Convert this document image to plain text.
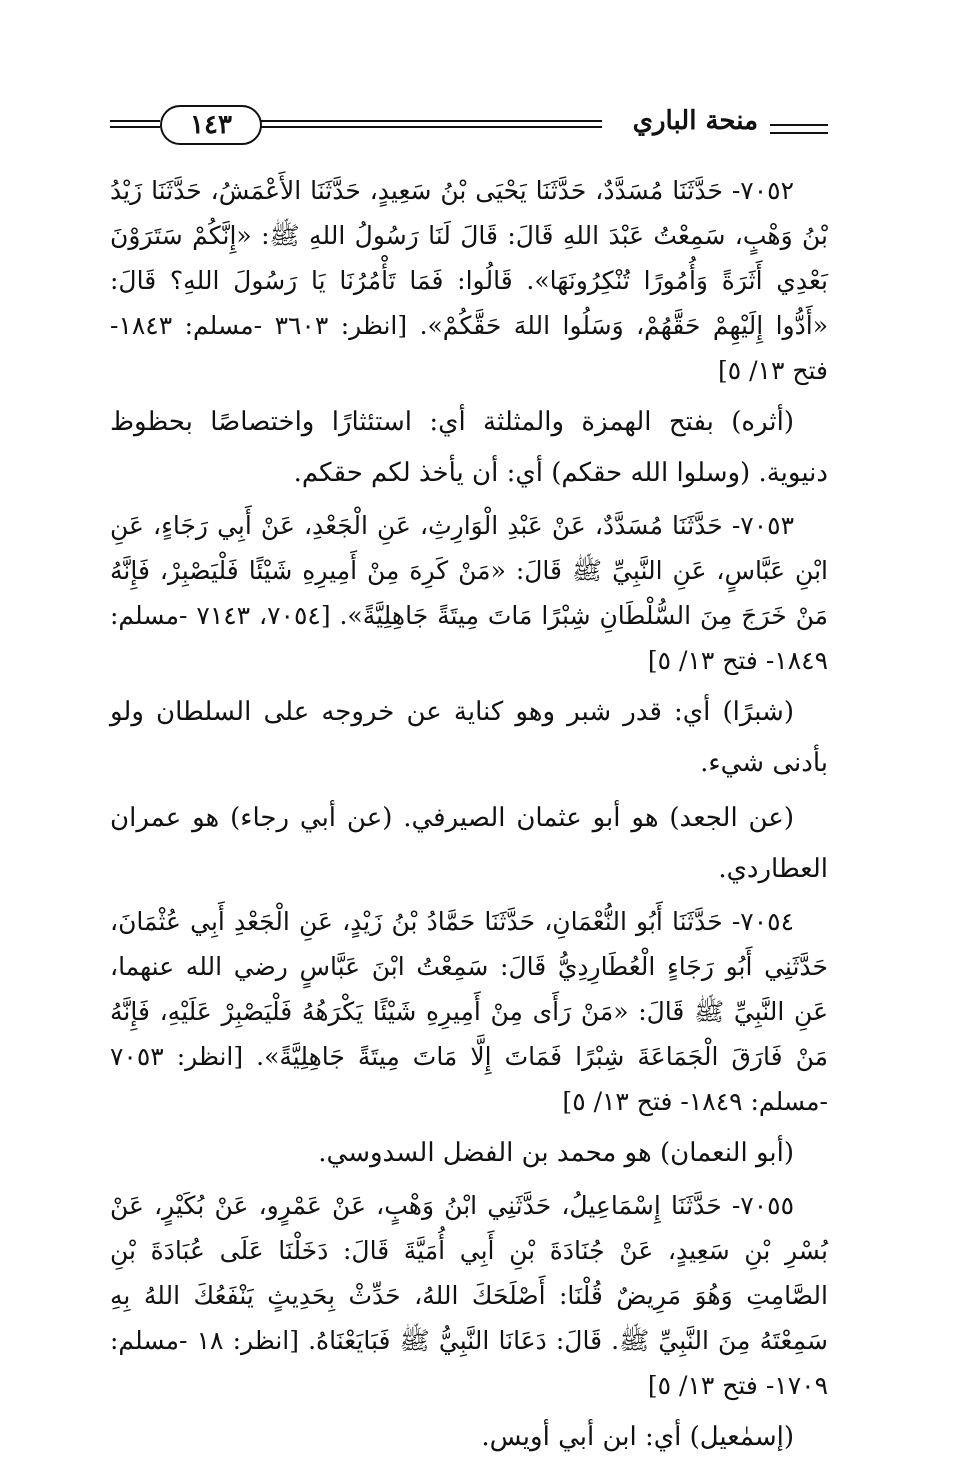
منحة الباري
١٤٣

٧٠٥٢- حَدَّثَنَا مُسَدَّدٌ، حَدَّثَنَا يَحْيَى بْنُ سَعِيدٍ، حَدَّثَنَا الأَعْمَشُ، حَدَّثَنَا زَيْدُ بْنُ وَهْبٍ، سَمِعْتُ عَبْدَ اللهِ قَالَ: قَالَ لَنَا رَسُولُ اللهِ ﷺ: «إِنَّكُمْ سَتَرَوْنَ بَعْدِي أَثَرَةً وَأُمُورًا تُنْكِرُونَهَا». قَالُوا: فَمَا تَأْمُرُنَا يَا رَسُولَ اللهِ؟ قَالَ: «أَدُّوا إِلَيْهِمْ حَقَّهُمْ، وَسَلُوا اللهَ حَقَّكُمْ». [انظر: ٣٦٠٣ -مسلم: ١٨٤٣- فتح ١٣/ ٥]

(أثره) بفتح الهمزة والمثلثة أي: استئثارًا واختصاصًا بحظوظ دنيوية. (وسلوا الله حقكم) أي: أن يأخذ لكم حقكم.

٧٠٥٣- حَدَّثَنَا مُسَدَّدٌ، عَنْ عَبْدِ الْوَارِثِ، عَنِ الْجَعْدِ، عَنْ أَبِي رَجَاءٍ، عَنِ ابْنِ عَبَّاسٍ، عَنِ النَّبِيِّ ﷺ قَالَ: «مَنْ كَرِهَ مِنْ أَمِيرِهِ شَيْئًا فَلْيَصْبِرْ، فَإِنَّهُ مَنْ خَرَجَ مِنَ السُّلْطَانِ شِبْرًا مَاتَ مِيتَةً جَاهِلِيَّةً». [٧٠٥٤، ٧١٤٣ -مسلم: ١٨٤٩- فتح ١٣/ ٥]

(شبرًا) أي: قدر شبر وهو كناية عن خروجه على السلطان ولو بأدنى شيء.

(عن الجعد) هو أبو عثمان الصيرفي. (عن أبي رجاء) هو عمران العطاردي.

٧٠٥٤- حَدَّثَنَا أَبُو النُّعْمَانِ، حَدَّثَنَا حَمَّادُ بْنُ زَيْدٍ، عَنِ الْجَعْدِ أَبِي عُثْمَانَ، حَدَّثَنِي أَبُو رَجَاءٍ الْعُطَارِدِيُّ قَالَ: سَمِعْتُ ابْنَ عَبَّاسٍ رضي الله عنهما، عَنِ النَّبِيِّ ﷺ قَالَ: «مَنْ رَأَى مِنْ أَمِيرِهِ شَيْئًا يَكْرَهُهُ فَلْيَصْبِرْ عَلَيْهِ، فَإِنَّهُ مَنْ فَارَقَ الْجَمَاعَةَ شِبْرًا فَمَاتَ إِلَّا مَاتَ مِيتَةً جَاهِلِيَّةً». [انظر: ٧٠٥٣ -مسلم: ١٨٤٩- فتح ١٣/ ٥]

(أبو النعمان) هو محمد بن الفضل السدوسي.

٧٠٥٥- حَدَّثَنَا إِسْمَاعِيلُ، حَدَّثَنِي ابْنُ وَهْبٍ، عَنْ عَمْرٍو، عَنْ بُكَيْرٍ، عَنْ بُسْرِ بْنِ سَعِيدٍ، عَنْ جُنَادَةَ بْنِ أَبِي أُمَيَّةَ قَالَ: دَخَلْنَا عَلَى عُبَادَةَ بْنِ الصَّامِتِ وَهُوَ مَرِيضٌ قُلْنَا: أَصْلَحَكَ اللهُ، حَدِّثْ بِحَدِيثٍ يَنْفَعُكَ اللهُ بِهِ سَمِعْتَهُ مِنَ النَّبِيِّ ﷺ. قَالَ: دَعَانَا النَّبِيُّ ﷺ فَبَايَعْنَاهُ. [انظر: ١٨ -مسلم: ١٧٠٩- فتح ١٣/ ٥]

(إسمٰعيل) أي: ابن أبي أويس.
